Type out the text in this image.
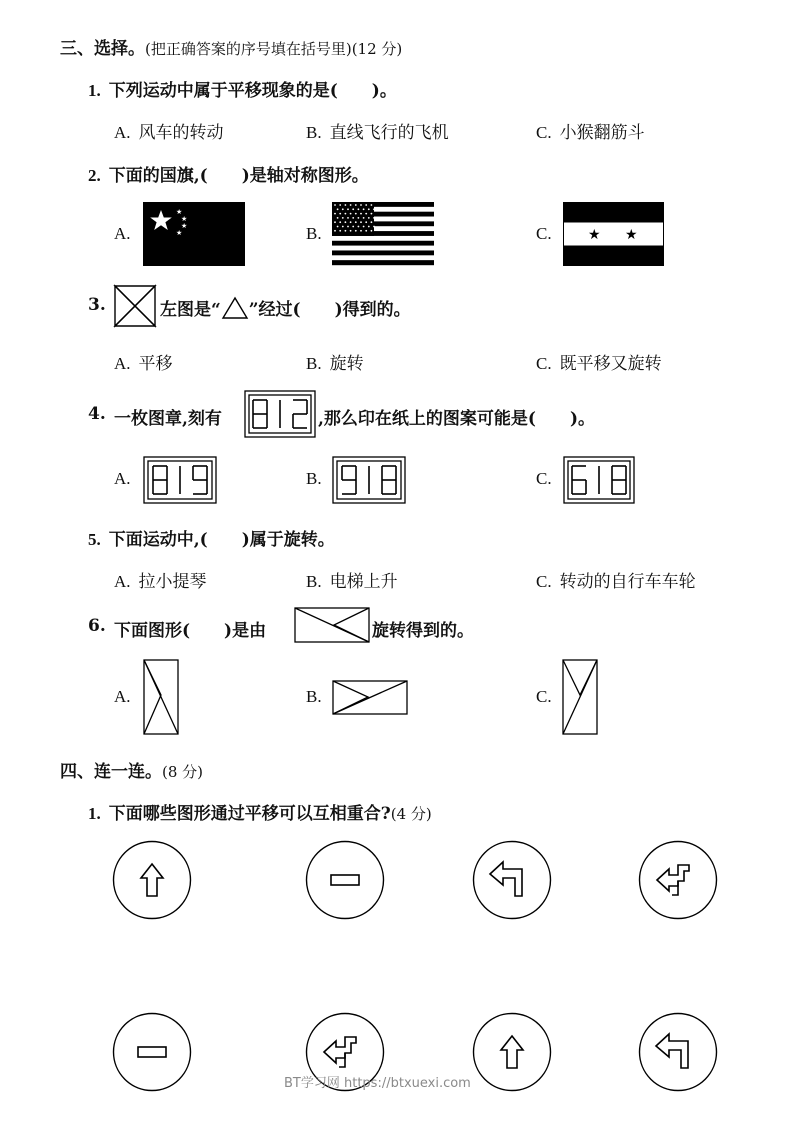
三、选择。(把正确答案的序号填在括号里)(12 分)
1. 下列运动中属于平移现象的是(　　)。
A. 风车的转动	B. 直线飞行的飞机	C. 小猴翻筋斗
2. 下面的国旗,(　　)是轴对称图形。
A.
★
★
★
★	B.	C.	★ ★
3.	左图是“ ”经过(　　)得到的。
A. 平移	B. 旋转	C. 既平移又旋转
4. 一枚图章,刻有	,那么印在纸上的图案可能是(　　)。
A.	B.	C.
5. 下面运动中,(　　)属于旋转。
A. 拉小提琴	B. 电梯上升	C. 转动的自行车车轮
6. 下面图形(　　)是由	旋转得到的。
A.	B.	C.
四、连一连。(8 分)
1. 下面哪些图形通过平移可以互相重合?(4 分)
BT学习网 https://btxuexi.com
